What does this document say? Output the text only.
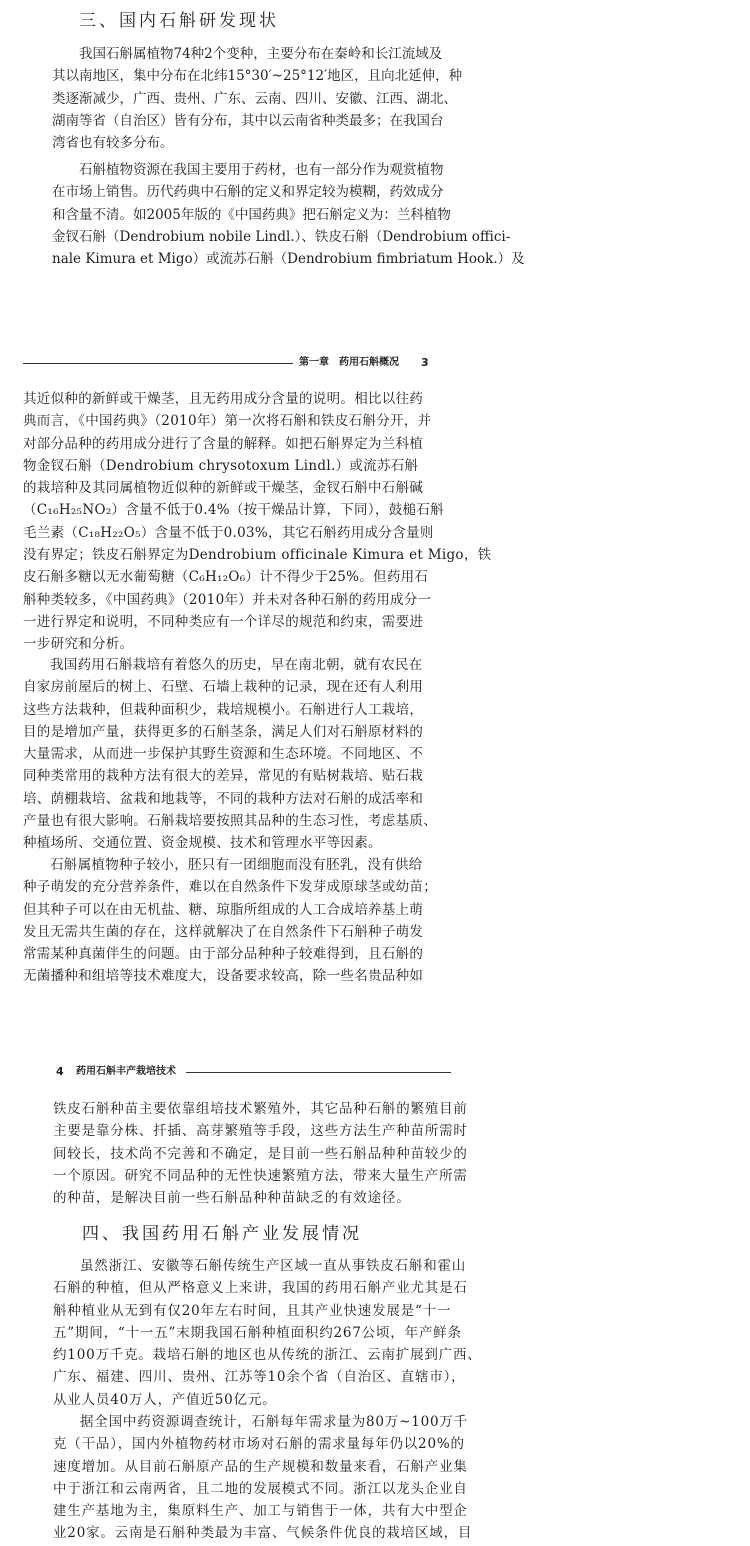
三、国内石斛研发现状
我国石斛属植物74种2个变种，主要分布在秦岭和长江流域及
其以南地区，集中分布在北纬15°30′~25°12′地区，且向北延伸，种
类逐渐减少，广西、贵州、广东、云南、四川、安徽、江西、湖北、
湖南等省（自治区）皆有分布，其中以云南省种类最多；在我国台
湾省也有较多分布。
石斛植物资源在我国主要用于药材，也有一部分作为观赏植物
在市场上销售。历代药典中石斛的定义和界定较为模糊，药效成分
和含量不清。如2005年版的《中国药典》把石斛定义为：兰科植物
金钗石斛（Dendrobium nobile Lindl.）、铁皮石斛（Dendrobium offici-
nale Kimura et Migo）或流苏石斛（Dendrobium fimbriatum Hook.）及
第一章　药用石斛概况 3
其近似种的新鲜或干燥茎，且无药用成分含量的说明。相比以往药
典而言，《中国药典》（2010年）第一次将石斛和铁皮石斛分开，并
对部分品种的药用成分进行了含量的解释。如把石斛界定为兰科植
物金钗石斛（Dendrobium chrysotoxum Lindl.）或流苏石斛
的栽培种及其同属植物近似种的新鲜或干燥茎，金钗石斛中石斛碱
（C₁₆H₂₅NO₂）含量不低于0.4%（按干燥品计算，下同），鼓槌石斛
毛兰素（C₁₈H₂₂O₅）含量不低于0.03%，其它石斛药用成分含量则
没有界定；铁皮石斛界定为Dendrobium officinale Kimura et Migo，铁
皮石斛多糖以无水葡萄糖（C₆H₁₂O₆）计不得少于25%。但药用石
斛种类较多，《中国药典》（2010年）并未对各种石斛的药用成分一
一进行界定和说明，不同种类应有一个详尽的规范和约束，需要进
一步研究和分析。
我国药用石斛栽培有着悠久的历史，早在南北朝，就有农民在
自家房前屋后的树上、石壁、石墙上栽种的记录，现在还有人利用
这些方法栽种，但栽种面积少，栽培规模小。石斛进行人工栽培，
目的是增加产量，获得更多的石斛茎条，满足人们对石斛原材料的
大量需求，从而进一步保护其野生资源和生态环境。不同地区、不
同种类常用的栽种方法有很大的差异，常见的有贴树栽培、贴石栽
培、荫棚栽培、盆栽和地栽等，不同的栽种方法对石斛的成活率和
产量也有很大影响。石斛栽培要按照其品种的生态习性，考虑基质、
种植场所、交通位置、资金规模、技术和管理水平等因素。
石斛属植物种子较小，胚只有一团细胞而没有胚乳，没有供给
种子萌发的充分营养条件，难以在自然条件下发芽成原球茎或幼苗；
但其种子可以在由无机盐、糖、琼脂所组成的人工合成培养基上萌
发且无需共生菌的存在，这样就解决了在自然条件下石斛种子萌发
常需某种真菌伴生的问题。由于部分品种种子较难得到，且石斛的
无菌播种和组培等技术难度大，设备要求较高，除一些名贵品种如
4 药用石斛丰产栽培技术
铁皮石斛种苗主要依靠组培技术繁殖外，其它品种石斛的繁殖目前
主要是靠分株、扦插、高芽繁殖等手段，这些方法生产种苗所需时
间较长，技术尚不完善和不确定，是目前一些石斛品种种苗较少的
一个原因。研究不同品种的无性快速繁殖方法，带来大量生产所需
的种苗，是解决目前一些石斛品种种苗缺乏的有效途径。
四、我国药用石斛产业发展情况
虽然浙江、安徽等石斛传统生产区域一直从事铁皮石斛和霍山
石斛的种植，但从严格意义上来讲，我国的药用石斛产业尤其是石
斛种植业从无到有仅20年左右时间，且其产业快速发展是“十一
五”期间，“十一五”末期我国石斛种植面积约267公顷，年产鲜条
约100万千克。栽培石斛的地区也从传统的浙江、云南扩展到广西、
广东、福建、四川、贵州、江苏等10余个省（自治区、直辖市），
从业人员40万人，产值近50亿元。
据全国中药资源调查统计，石斛每年需求量为80万~100万千
克（干品），国内外植物药材市场对石斛的需求量每年仍以20%的
速度增加。从目前石斛原产品的生产规模和数量来看，石斛产业集
中于浙江和云南两省，且二地的发展模式不同。浙江以龙头企业自
建生产基地为主，集原料生产、加工与销售于一体，共有大中型企
业20家。云南是石斛种类最为丰富、气候条件优良的栽培区域，目
